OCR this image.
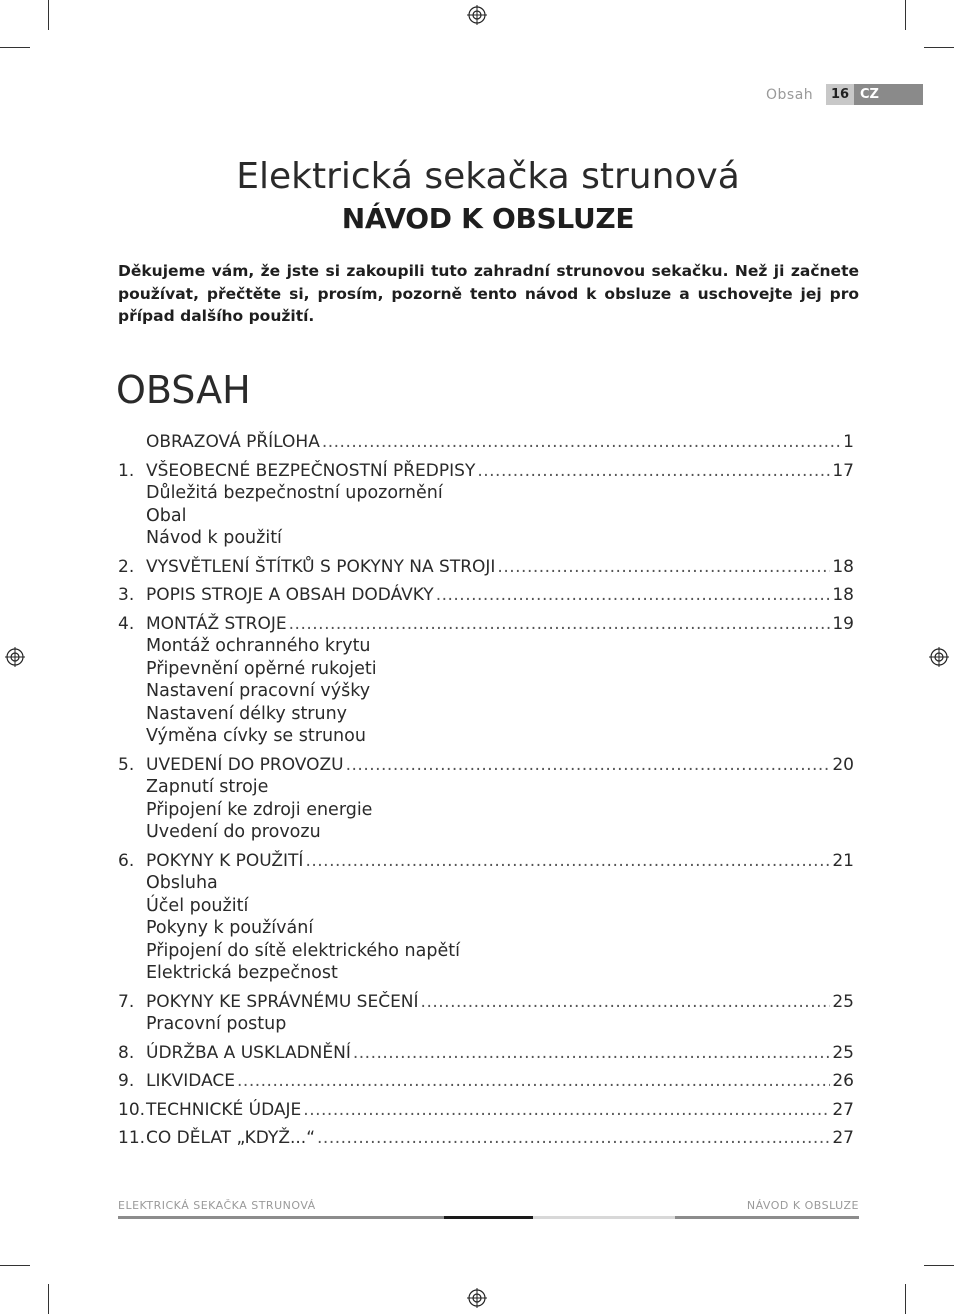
Obsah	16 CZ
Elektrická sekačka strunová
NÁVOD K OBSLUZE
Děkujeme vám, že jste si zakoupili tuto zahradní strunovou sekačku. Než ji začnete používat, přečtěte si, prosím, pozorně tento návod k obsluze a uschovejte jej pro případ dalšího použití.
OBSAH
OBRAZOVÁ PŘÍLOHA .....	1
1. VŠEOBECNÉ BEZPEČNOSTNÍ PŘEDPISY .....	17
Důležitá bezpečnostní upozornění
Obal
Návod k použití
2. VYSVĚTLENÍ ŠTÍTKŮ S POKYNY NA STROJI .....	18
3. POPIS STROJE A OBSAH DODÁVKY .....	18
4. MONTÁŽ STROJE .....	19
Montáž ochranného krytu
Připevnění opěrné rukojeti
Nastavení pracovní výšky
Nastavení délky struny
Výměna cívky se strunou
5. UVEDENÍ DO PROVOZU .....	20
Zapnutí stroje
Připojení ke zdroji energie
Uvedení do provozu
6. POKYNY K POUŽITÍ .....	21
Obsluha
Účel použití
Pokyny k používání
Připojení do sítě elektrického napětí
Elektrická bezpečnost
7. POKYNY KE SPRÁVNÉMU SEČENÍ .....	25
Pracovní postup
8. ÚDRŽBA A USKLADNĚNÍ .....	25
9. LIKVIDACE .....	26
10. TECHNICKÉ ÚDAJE .....	27
11. CO DĚLAT „KDYŽ...“ .....	27
ELEKTRICKÁ SEKAČKA STRUNOVÁ	NÁVOD K OBSLUZE
